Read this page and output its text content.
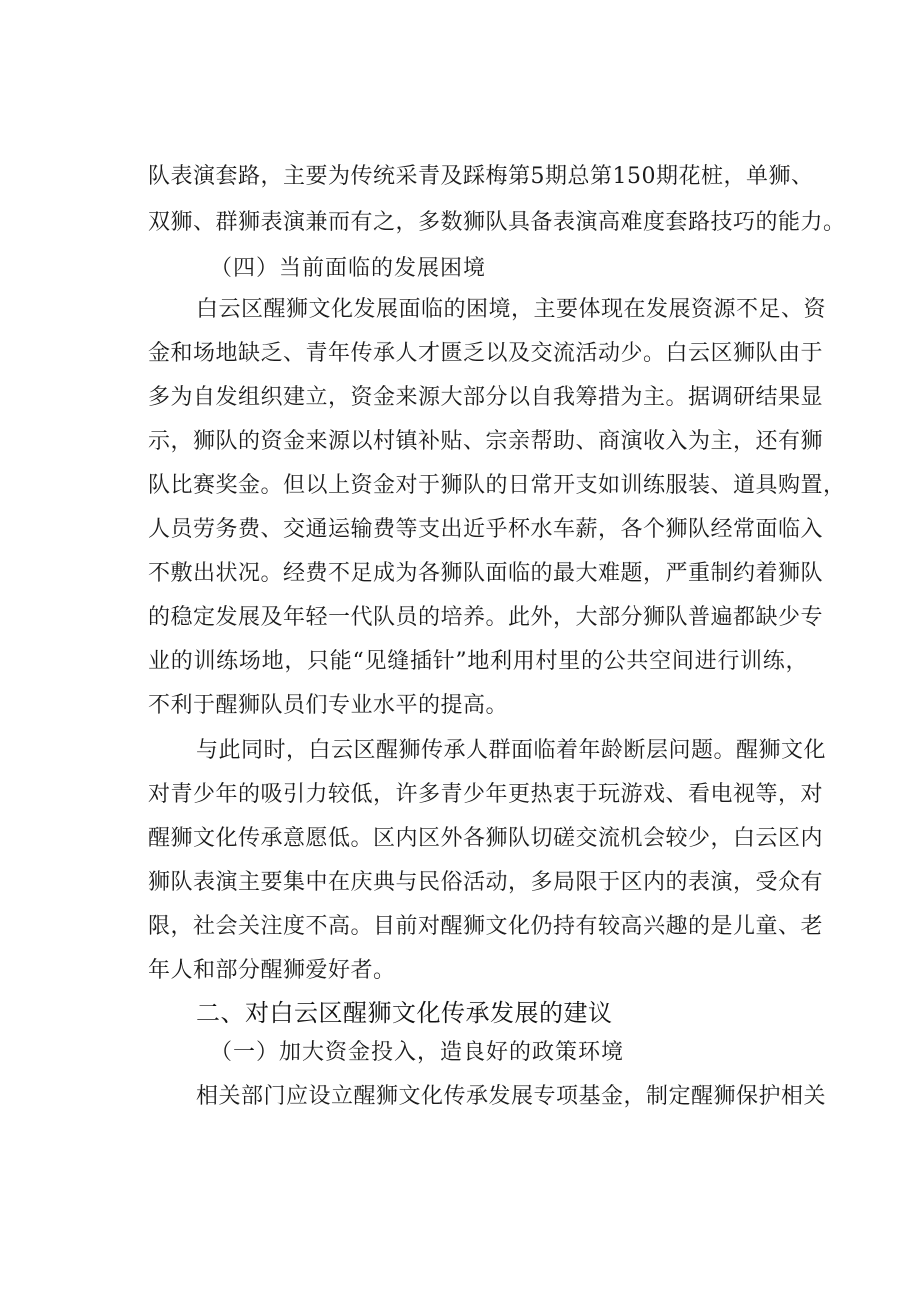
队表演套路，主要为传统采青及踩梅第5期总第150期花桩，单狮、
双狮、群狮表演兼而有之，多数狮队具备表演高难度套路技巧的能力。
（四）当前面临的发展困境
白云区醒狮文化发展面临的困境，主要体现在发展资源不足、资
金和场地缺乏、青年传承人才匮乏以及交流活动少。白云区狮队由于
多为自发组织建立，资金来源大部分以自我筹措为主。据调研结果显
示，狮队的资金来源以村镇补贴、宗亲帮助、商演收入为主，还有狮
队比赛奖金。但以上资金对于狮队的日常开支如训练服装、道具购置，
人员劳务费、交通运输费等支出近乎杯水车薪，各个狮队经常面临入
不敷出状况。经费不足成为各狮队面临的最大难题，严重制约着狮队
的稳定发展及年轻一代队员的培养。此外，大部分狮队普遍都缺少专
业的训练场地，只能“见缝插针”地利用村里的公共空间进行训练，
不利于醒狮队员们专业水平的提高。
与此同时，白云区醒狮传承人群面临着年龄断层问题。醒狮文化
对青少年的吸引力较低，许多青少年更热衷于玩游戏、看电视等，对
醒狮文化传承意愿低。区内区外各狮队切磋交流机会较少，白云区内
狮队表演主要集中在庆典与民俗活动，多局限于区内的表演，受众有
限，社会关注度不高。目前对醒狮文化仍持有较高兴趣的是儿童、老
年人和部分醒狮爱好者。
二、对白云区醒狮文化传承发展的建议
（一）加大资金投入，造良好的政策环境
相关部门应设立醒狮文化传承发展专项基金，制定醒狮保护相关
